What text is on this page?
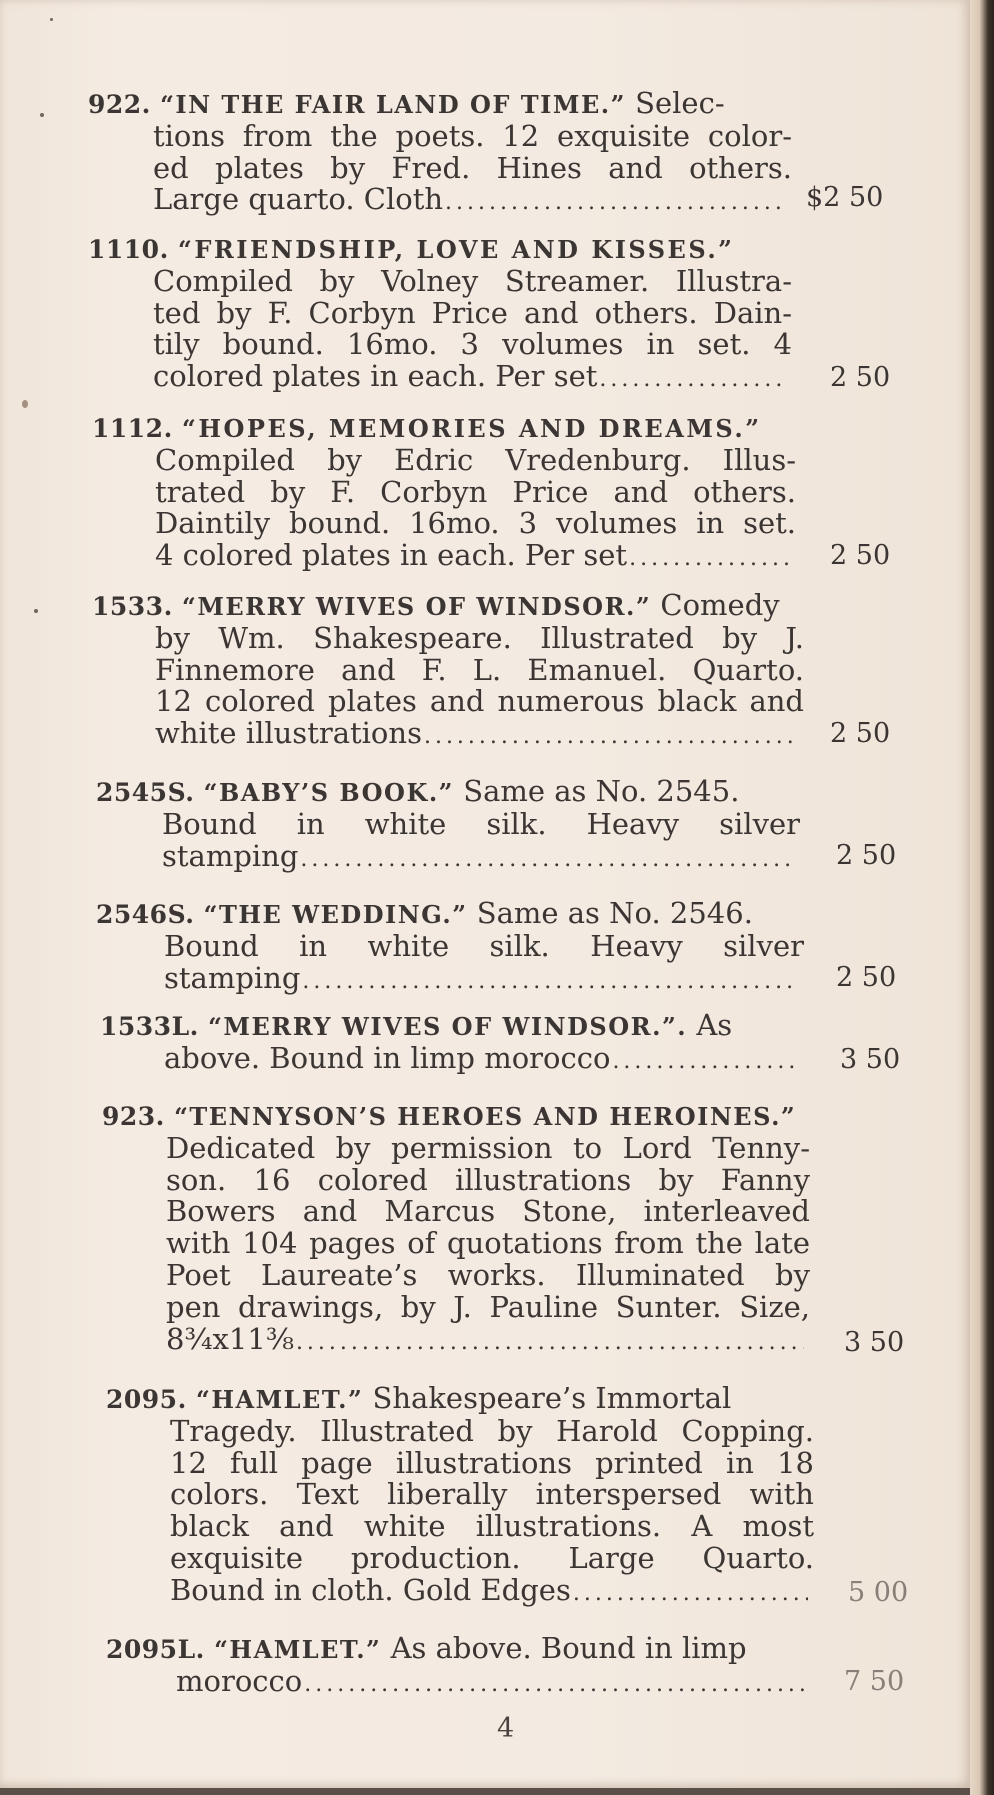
922. “IN THE FAIR LAND OF TIME.” Selec-
tions from the poets. 12 exquisite color-
ed plates by Fred. Hines and others.
Large quarto. Cloth .....	$2 50
1110. “FRIENDSHIP, LOVE AND KISSES.”
Compiled by Volney Streamer. Illustra-
ted by F. Corbyn Price and others. Dain-
tily bound. 16mo. 3 volumes in set. 4
colored plates in each. Per set .....	2 50
1112. “HOPES, MEMORIES AND DREAMS.”
Compiled by Edric Vredenburg. Illus-
trated by F. Corbyn Price and others.
Daintily bound. 16mo. 3 volumes in set.
4 colored plates in each. Per set .....	2 50
1533. “MERRY WIVES OF WINDSOR.” Comedy
by Wm. Shakespeare. Illustrated by J.
Finnemore and F. L. Emanuel. Quarto.
12 colored plates and numerous black and
white illustrations .....	2 50
2545S. “BABY’S BOOK.” Same as No. 2545.
Bound in white silk. Heavy silver
stamping .....	2 50
2546S. “THE WEDDING.” Same as No. 2546.
Bound in white silk. Heavy silver
stamping .....	2 50
1533L. “MERRY WIVES OF WINDSOR.”. As
above. Bound in limp morocco .....	3 50
923. “TENNYSON’S HEROES AND HEROINES.”
Dedicated by permission to Lord Tenny-
son. 16 colored illustrations by Fanny
Bowers and Marcus Stone, interleaved
with 104 pages of quotations from the late
Poet Laureate’s works. Illuminated by
pen drawings, by J. Pauline Sunter. Size,
8¾x11⅜ .....	3 50
2095. “HAMLET.” Shakespeare’s Immortal
Tragedy. Illustrated by Harold Copping.
12 full page illustrations printed in 18
colors. Text liberally interspersed with
black and white illustrations. A most
exquisite production. Large Quarto.
Bound in cloth. Gold Edges .....	5 00
2095L. “HAMLET.” As above. Bound in limp
morocco .....	7 50
4
